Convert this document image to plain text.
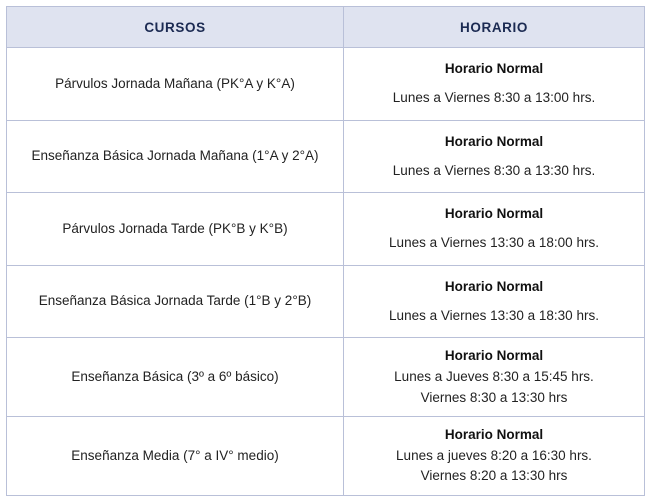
CURSOS	HORARIO
Párvulos Jornada Mañana (PK°A y K°A)	Horario Normal
Lunes a Viernes 8:30 a 13:00 hrs.

Enseñanza Básica Jornada Mañana (1°A y 2°A)	Horario Normal
Lunes a Viernes 8:30 a 13:30 hrs.

Párvulos Jornada Tarde (PK°B y K°B)	Horario Normal
Lunes a Viernes 13:30 a 18:00 hrs.

Enseñanza Básica Jornada Tarde (1°B y 2°B)	Horario Normal
Lunes a Viernes 13:30 a 18:30 hrs.

Enseñanza Básica (3º a 6º básico)	Horario Normal
Lunes a Jueves 8:30 a 15:45 hrs.
Viernes 8:30 a 13:30 hrs

Enseñanza Media (7° a IV° medio)	Horario Normal
Lunes a jueves 8:20 a 16:30 hrs.
Viernes 8:20 a 13:30 hrs
